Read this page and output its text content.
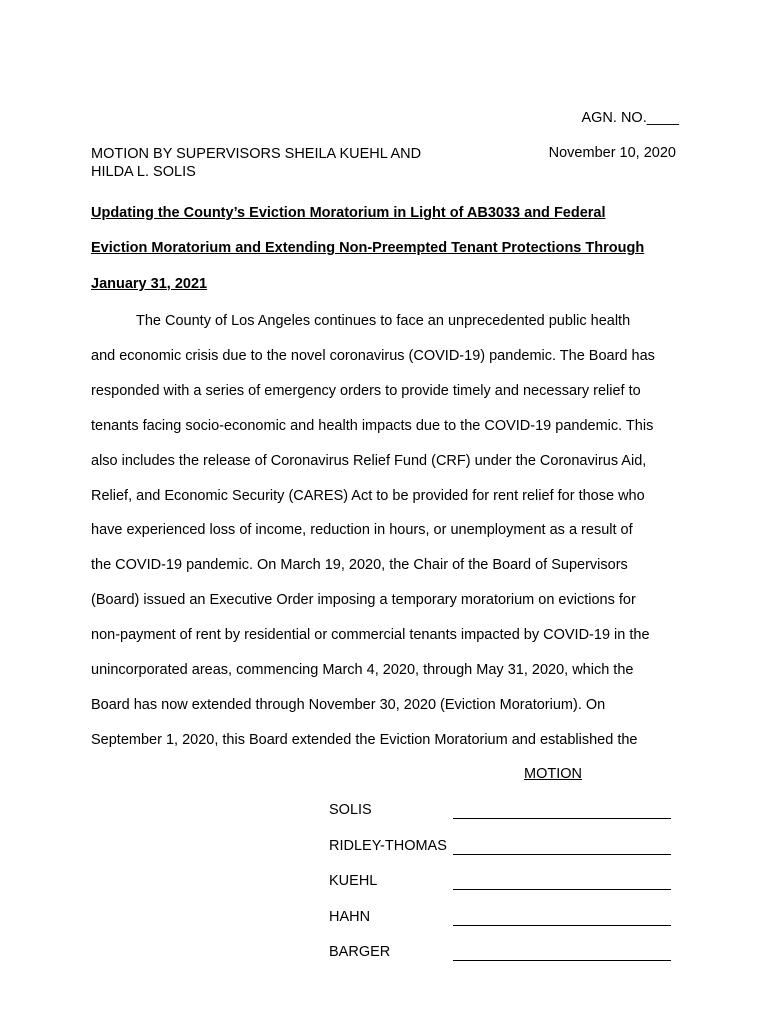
AGN. NO.____
MOTION BY SUPERVISORS SHEILA KUEHL AND
HILDA L. SOLIS
November 10, 2020
Updating the County’s Eviction Moratorium in Light of AB3033 and Federal
Eviction Moratorium and Extending Non-Preempted Tenant Protections Through
January 31, 2021
The County of Los Angeles continues to face an unprecedented public health
and economic crisis due to the novel coronavirus (COVID-19) pandemic. The Board has
responded with a series of emergency orders to provide timely and necessary relief to
tenants facing socio-economic and health impacts due to the COVID-19 pandemic. This
also includes the release of Coronavirus Relief Fund (CRF) under the Coronavirus Aid,
Relief, and Economic Security (CARES) Act to be provided for rent relief for those who
have experienced loss of income, reduction in hours, or unemployment as a result of
the COVID-19 pandemic. On March 19, 2020, the Chair of the Board of Supervisors
(Board) issued an Executive Order imposing a temporary moratorium on evictions for
non-payment of rent by residential or commercial tenants impacted by COVID-19 in the
unincorporated areas, commencing March 4, 2020, through May 31, 2020, which the
Board has now extended through November 30, 2020 (Eviction Moratorium). On
September 1, 2020, this Board extended the Eviction Moratorium and established the
MOTION
SOLIS
RIDLEY-THOMAS
KUEHL
HAHN
BARGER
